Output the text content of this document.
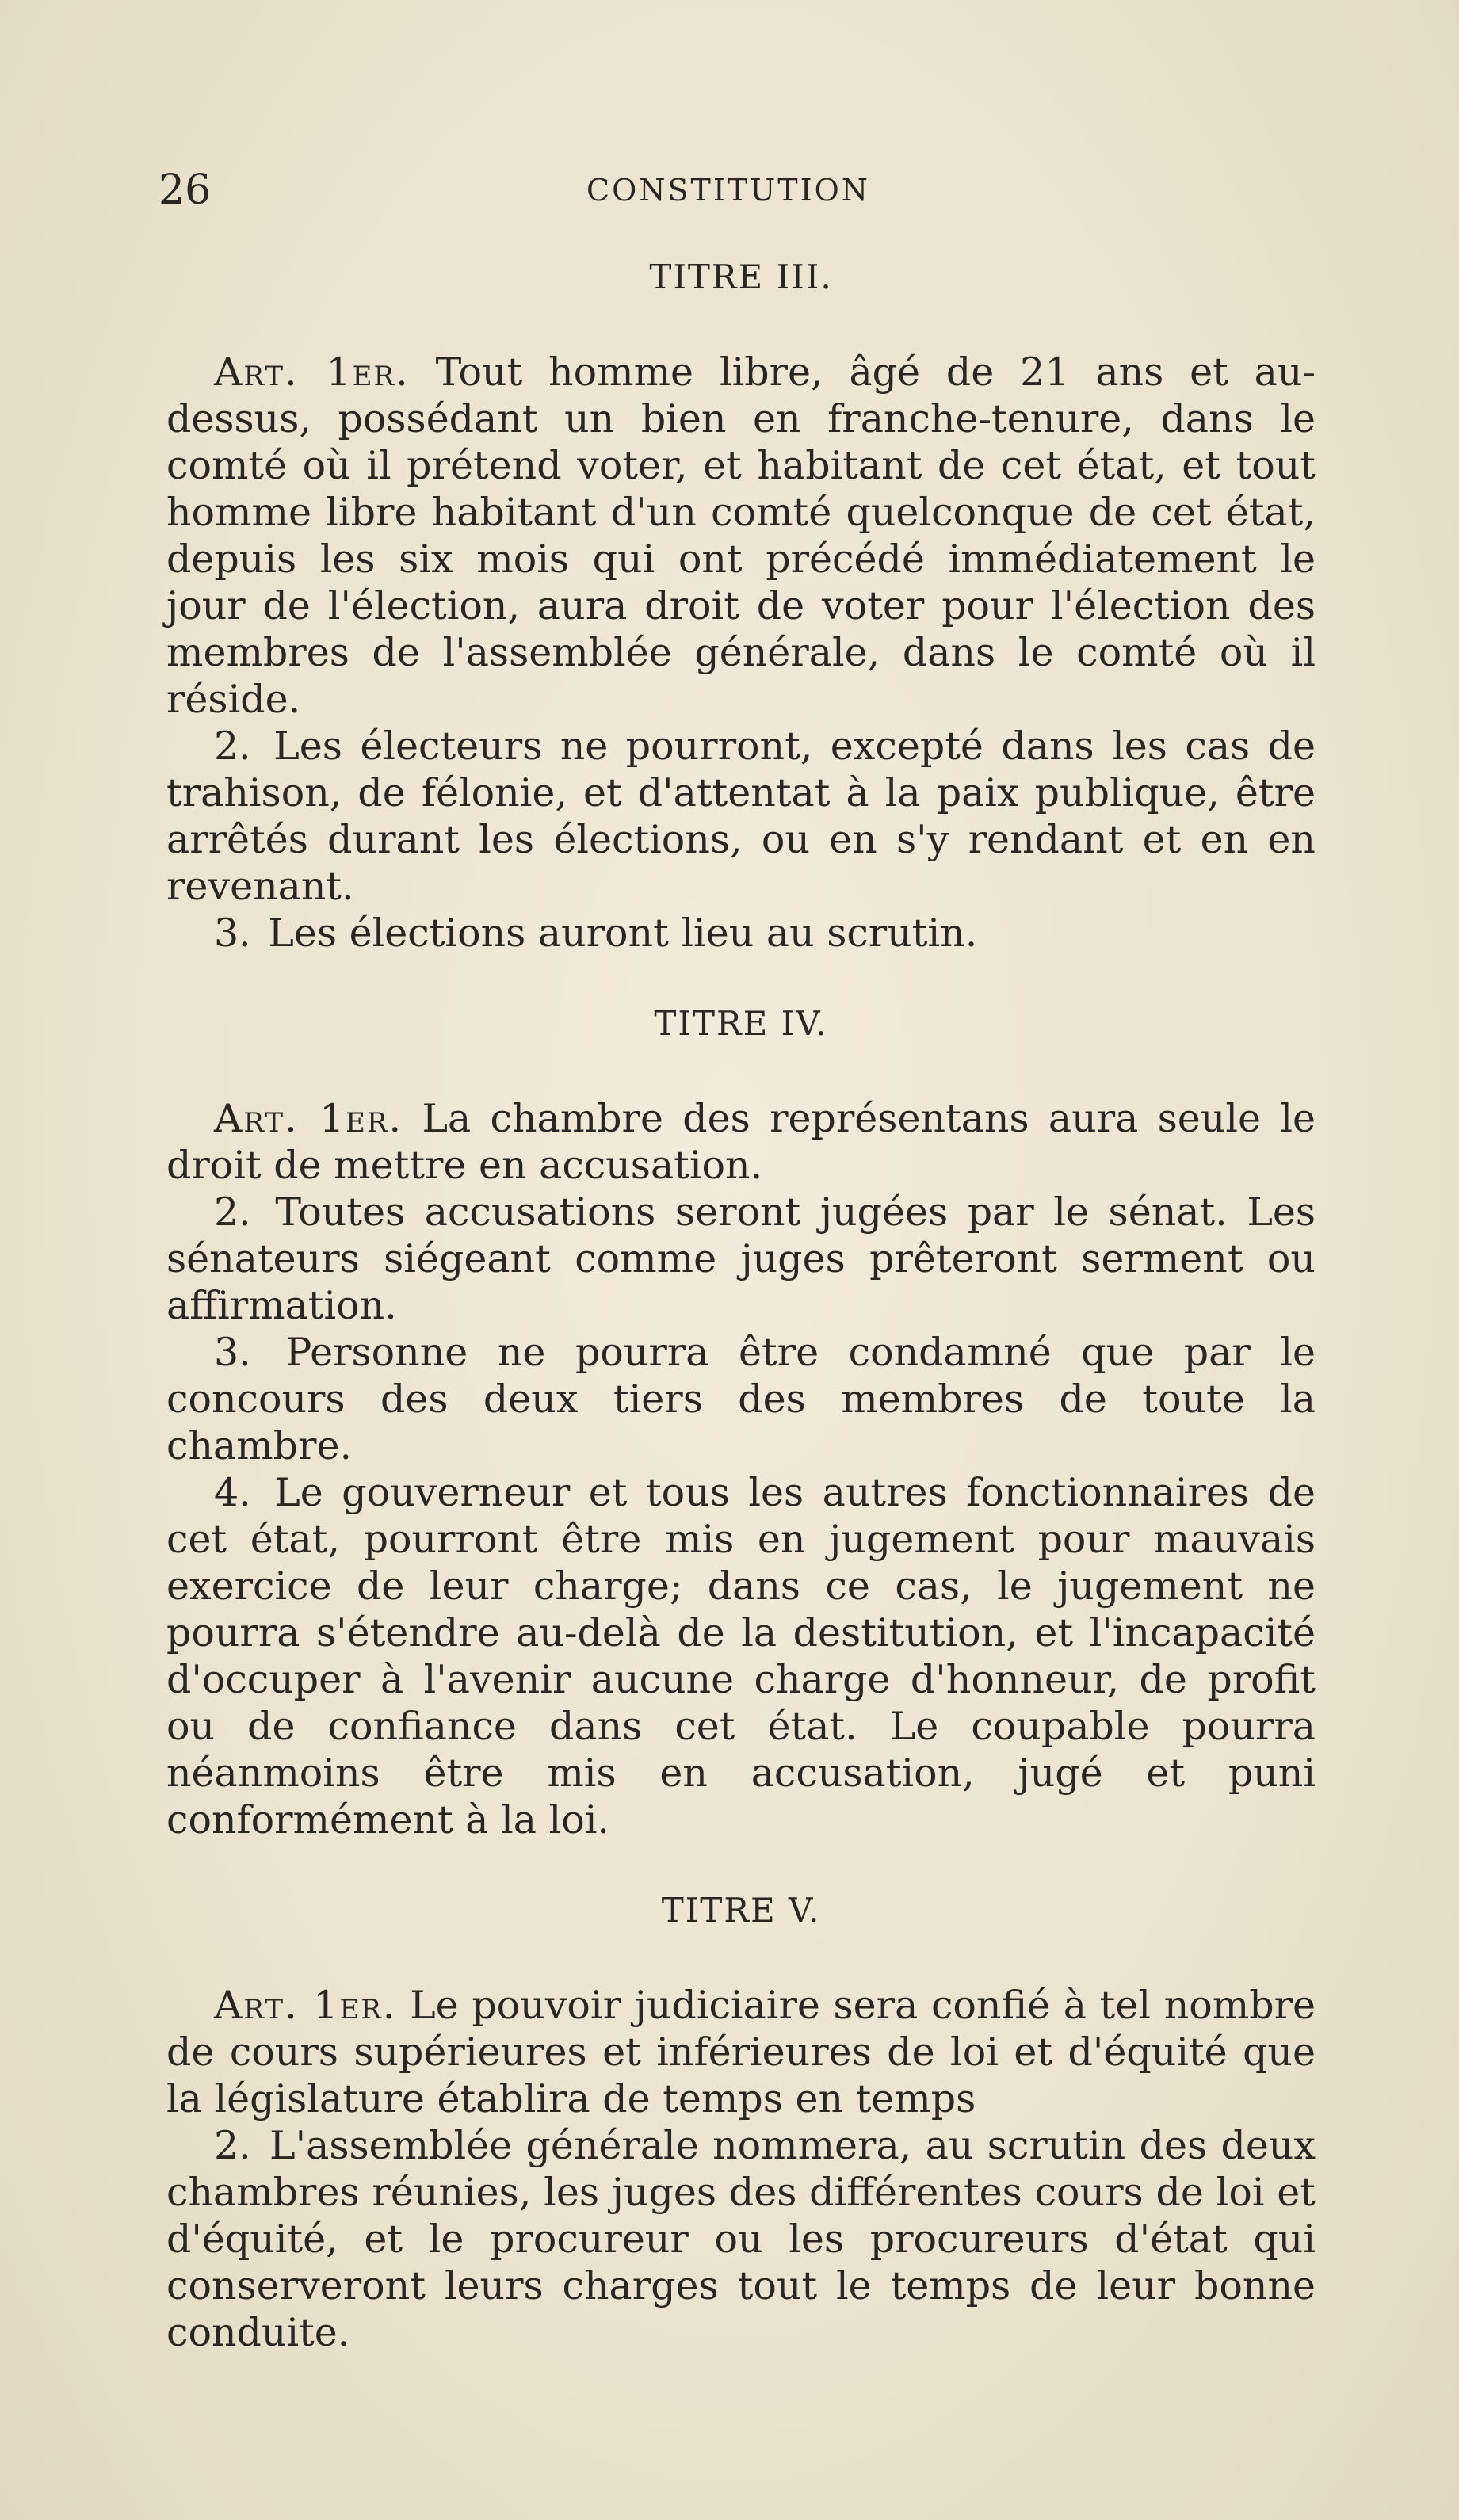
26	CONSTITUTION
TITRE III.

Art. 1er. Tout homme libre, âgé de 21 ans et au-dessus, possédant un bien en franche-tenure, dans le comté où il prétend voter, et habitant de cet état, et tout homme libre habitant d'un comté quelconque de cet état, depuis les six mois qui ont précédé immédiatement le jour de l'élection, aura droit de voter pour l'élection des membres de l'assemblée générale, dans le comté où il réside.

2. Les électeurs ne pourront, excepté dans les cas de trahison, de félonie, et d'attentat à la paix publique, être arrêtés durant les élections, ou en s'y rendant et en en revenant.

3. Les élections auront lieu au scrutin.

TITRE IV.

Art. 1er. La chambre des représentans aura seule le droit de mettre en accusation.

2. Toutes accusations seront jugées par le sénat. Les sénateurs siégeant comme juges prêteront serment ou affirmation.

3. Personne ne pourra être condamné que par le concours des deux tiers des membres de toute la chambre.

4. Le gouverneur et tous les autres fonctionnaires de cet état, pourront être mis en jugement pour mauvais exercice de leur charge; dans ce cas, le jugement ne pourra s'étendre au-delà de la destitution, et l'incapacité d'occuper à l'avenir aucune charge d'honneur, de profit ou de confiance dans cet état. Le coupable pourra néanmoins être mis en accusation, jugé et puni conformément à la loi.

TITRE V.

Art. 1er. Le pouvoir judiciaire sera confié à tel nombre de cours supérieures et inférieures de loi et d'équité que la législature établira de temps en temps

2. L'assemblée générale nommera, au scrutin des deux chambres réunies, les juges des différentes cours de loi et d'équité, et le procureur ou les procureurs d'état qui conserveront leurs charges tout le temps de leur bonne conduite.
